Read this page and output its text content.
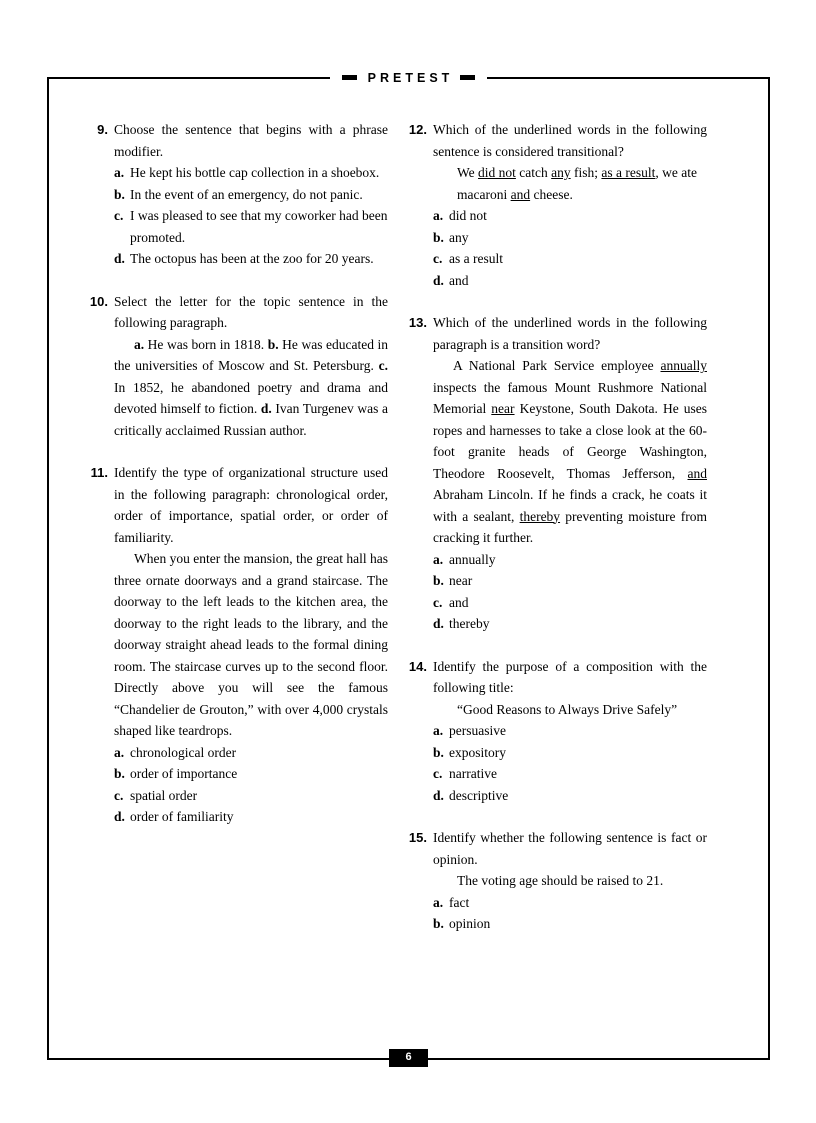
PRETEST
9. Choose the sentence that begins with a phrase modifier.
a. He kept his bottle cap collection in a shoebox.
b. In the event of an emergency, do not panic.
c. I was pleased to see that my coworker had been promoted.
d. The octopus has been at the zoo for 20 years.
10. Select the letter for the topic sentence in the following paragraph.
a. He was born in 1818. b. He was educated in the universities of Moscow and St. Petersburg. c. In 1852, he abandoned poetry and drama and devoted himself to fiction. d. Ivan Turgenev was a critically acclaimed Russian author.
11. Identify the type of organizational structure used in the following paragraph: chronological order, order of importance, spatial order, or order of familiarity.
When you enter the mansion, the great hall has three ornate doorways and a grand staircase. The doorway to the left leads to the kitchen area, the doorway to the right leads to the library, and the doorway straight ahead leads to the formal dining room. The staircase curves up to the second floor. Directly above you will see the famous “Chandelier de Grouton,” with over 4,000 crystals shaped like teardrops.
a. chronological order
b. order of importance
c. spatial order
d. order of familiarity
12. Which of the underlined words in the following sentence is considered transitional?
We did not catch any fish; as a result, we ate macaroni and cheese.
a. did not
b. any
c. as a result
d. and
13. Which of the underlined words in the following paragraph is a transition word?
A National Park Service employee annually inspects the famous Mount Rushmore National Memorial near Keystone, South Dakota. He uses ropes and harnesses to take a close look at the 60-foot granite heads of George Washington, Theodore Roosevelt, Thomas Jefferson, and Abraham Lincoln. If he finds a crack, he coats it with a sealant, thereby preventing moisture from cracking it further.
a. annually
b. near
c. and
d. thereby
14. Identify the purpose of a composition with the following title:
“Good Reasons to Always Drive Safely”
a. persuasive
b. expository
c. narrative
d. descriptive
15. Identify whether the following sentence is fact or opinion.
The voting age should be raised to 21.
a. fact
b. opinion
6
